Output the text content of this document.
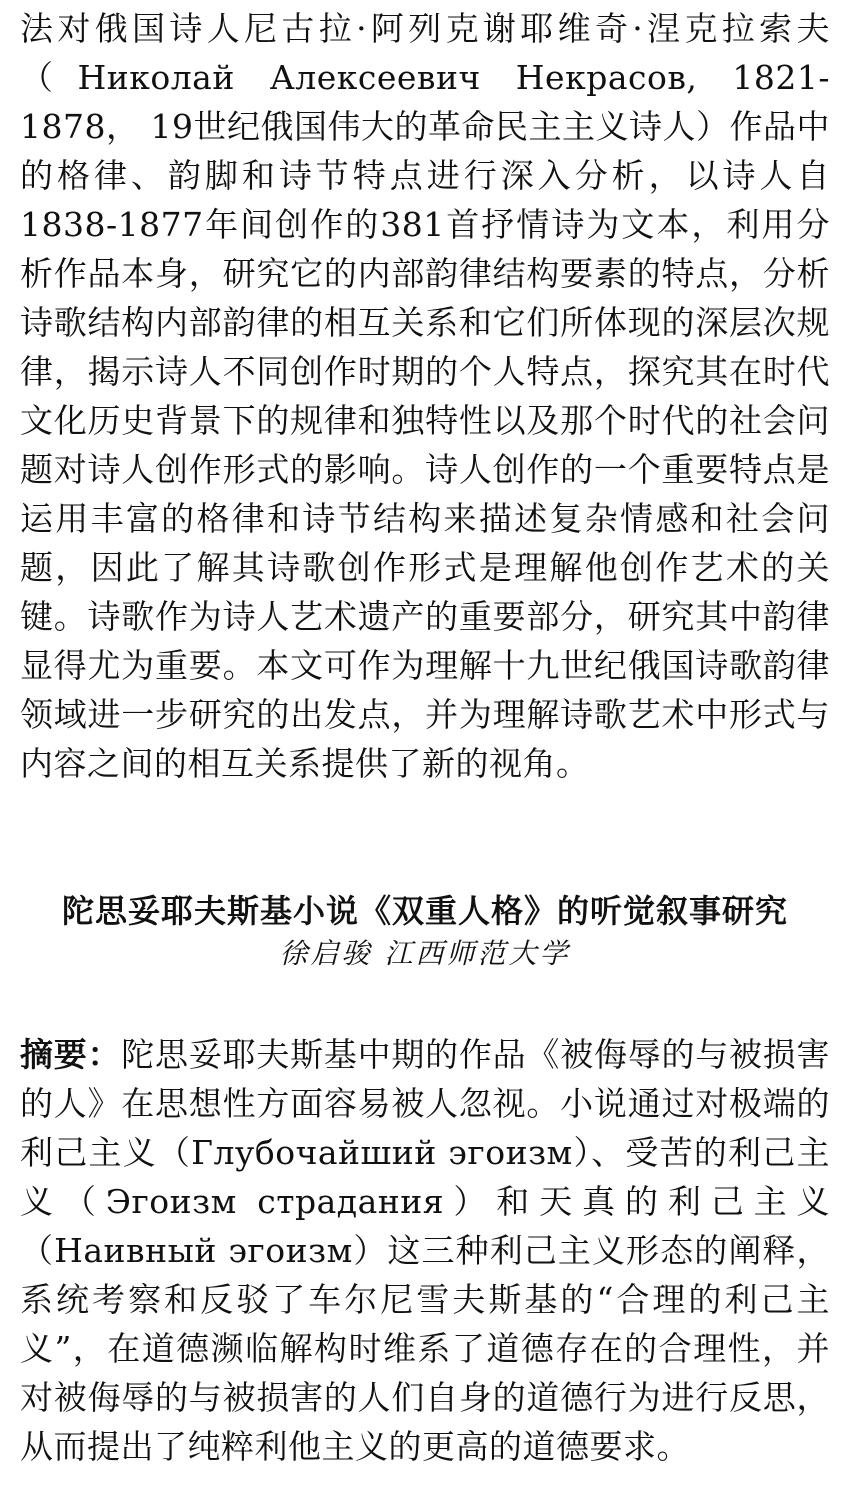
法对俄国诗人尼古拉·阿列克谢耶维奇·涅克拉索夫（Николай Алексеевич Некрасов, 1821-1878， 19世纪俄国伟大的革命民主主义诗人）作品中的格律、韵脚和诗节特点进行深入分析，以诗人自1838-1877年间创作的381首抒情诗为文本，利用分析作品本身，研究它的内部韵律结构要素的特点，分析诗歌结构内部韵律的相互关系和它们所体现的深层次规律，揭示诗人不同创作时期的个人特点，探究其在时代文化历史背景下的规律和独特性以及那个时代的社会问题对诗人创作形式的影响。诗人创作的一个重要特点是运用丰富的格律和诗节结构来描述复杂情感和社会问题，因此了解其诗歌创作形式是理解他创作艺术的关键。诗歌作为诗人艺术遗产的重要部分，研究其中韵律显得尤为重要。本文可作为理解十九世纪俄国诗歌韵律领域进一步研究的出发点，并为理解诗歌艺术中形式与内容之间的相互关系提供了新的视角。

陀思妥耶夫斯基小说《双重人格》的听觉叙事研究

徐启骏 江西师范大学

摘要：陀思妥耶夫斯基中期的作品《被侮辱的与被损害的人》在思想性方面容易被人忽视。小说通过对极端的利己主义（Глубочайший эгоизм）、受苦的利己主义（Эгоизм страдания）和天真的利己主义（Наивный эгоизм）这三种利己主义形态的阐释，系统考察和反驳了车尔尼雪夫斯基的“合理的利己主义”，在道德濒临解构时维系了道德存在的合理性，并对被侮辱的与被损害的人们自身的道德行为进行反思，从而提出了纯粹利他主义的更高的道德要求。
